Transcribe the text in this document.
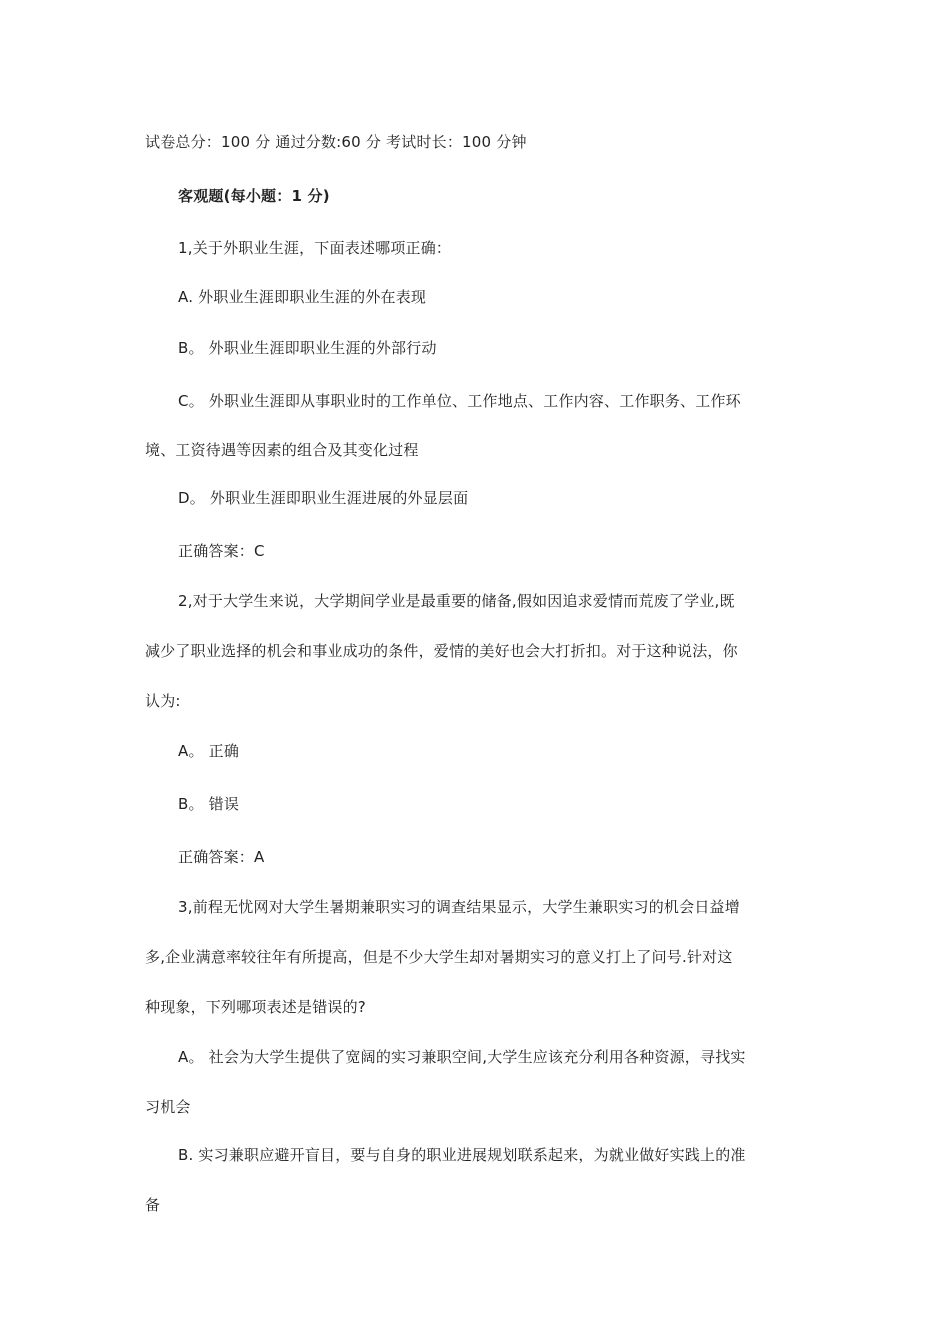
试卷总分：100 分 通过分数:60 分 考试时长：100 分钟
客观题(每小题：1 分)
1,关于外职业生涯，下面表述哪项正确：
A. 外职业生涯即职业生涯的外在表现
B。 外职业生涯即职业生涯的外部行动
C。 外职业生涯即从事职业时的工作单位、工作地点、工作内容、工作职务、工作环
境、工资待遇等因素的组合及其变化过程
D。 外职业生涯即职业生涯进展的外显层面
正确答案：C
2,对于大学生来说，大学期间学业是最重要的储备,假如因追求爱情而荒废了学业,既
减少了职业选择的机会和事业成功的条件，爱情的美好也会大打折扣。对于这种说法，你
认为:
A。 正确
B。 错误
正确答案：A
3,前程无忧网对大学生暑期兼职实习的调查结果显示，大学生兼职实习的机会日益增
多,企业满意率较往年有所提高，但是不少大学生却对暑期实习的意义打上了问号.针对这
种现象，下列哪项表述是错误的?
A。 社会为大学生提供了宽阔的实习兼职空间,大学生应该充分利用各种资源，寻找实
习机会
B. 实习兼职应避开盲目，要与自身的职业进展规划联系起来，为就业做好实践上的准
备
